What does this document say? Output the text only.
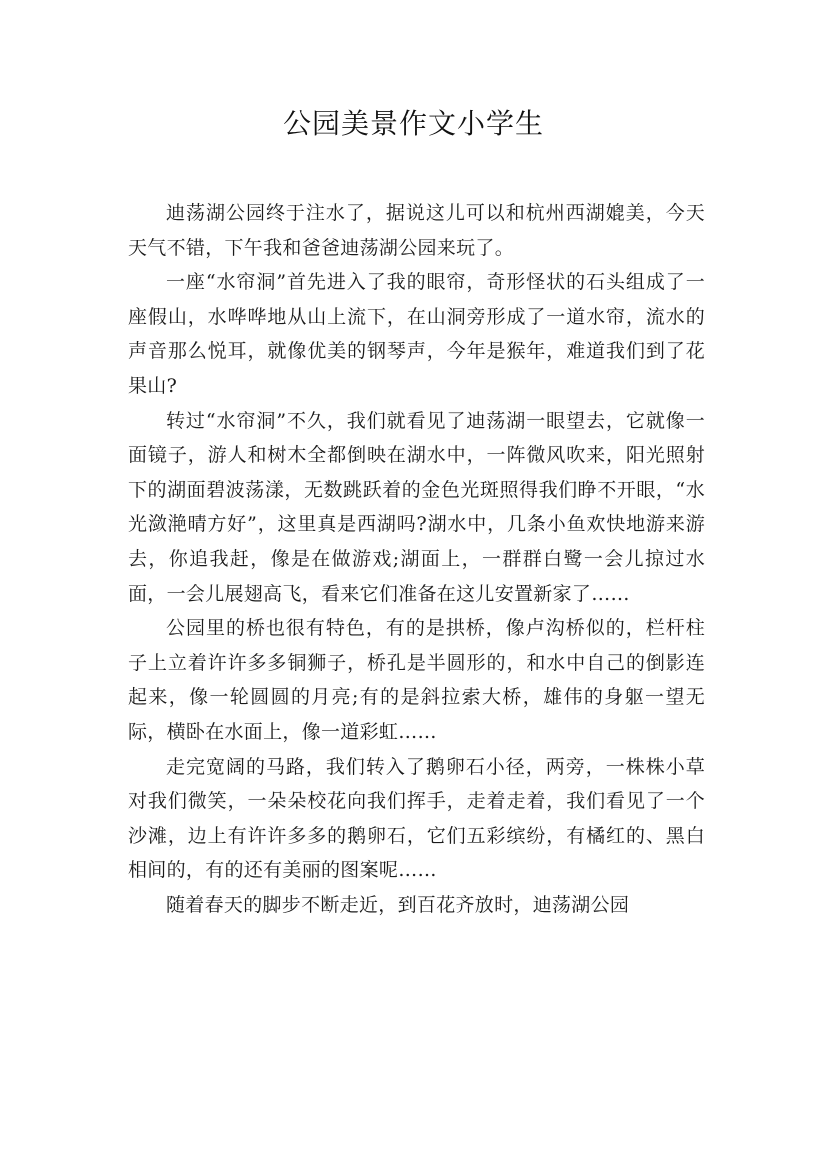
公园美景作文小学生

迪荡湖公园终于注水了，据说这儿可以和杭州西湖媲美，今天天气不错，下午我和爸爸迪荡湖公园来玩了。

一座“水帘洞”首先进入了我的眼帘，奇形怪状的石头组成了一座假山，水哗哗地从山上流下，在山洞旁形成了一道水帘，流水的声音那么悦耳，就像优美的钢琴声，今年是猴年，难道我们到了花果山?

转过“水帘洞”不久，我们就看见了迪荡湖一眼望去，它就像一面镜子，游人和树木全都倒映在湖水中，一阵微风吹来，阳光照射下的湖面碧波荡漾，无数跳跃着的金色光斑照得我们睁不开眼，“水光潋滟晴方好”，这里真是西湖吗?湖水中，几条小鱼欢快地游来游去，你追我赶，像是在做游戏;湖面上，一群群白鹭一会儿掠过水面，一会儿展翅高飞，看来它们准备在这儿安置新家了……

公园里的桥也很有特色，有的是拱桥，像卢沟桥似的，栏杆柱子上立着许许多多铜狮子，桥孔是半圆形的，和水中自己的倒影连起来，像一轮圆圆的月亮;有的是斜拉索大桥，雄伟的身躯一望无际，横卧在水面上，像一道彩虹……

走完宽阔的马路，我们转入了鹅卵石小径，两旁，一株株小草对我们微笑，一朵朵校花向我们挥手，走着走着，我们看见了一个沙滩，边上有许许多多的鹅卵石，它们五彩缤纷，有橘红的、黑白相间的，有的还有美丽的图案呢……

随着春天的脚步不断走近，到百花齐放时，迪荡湖公园
